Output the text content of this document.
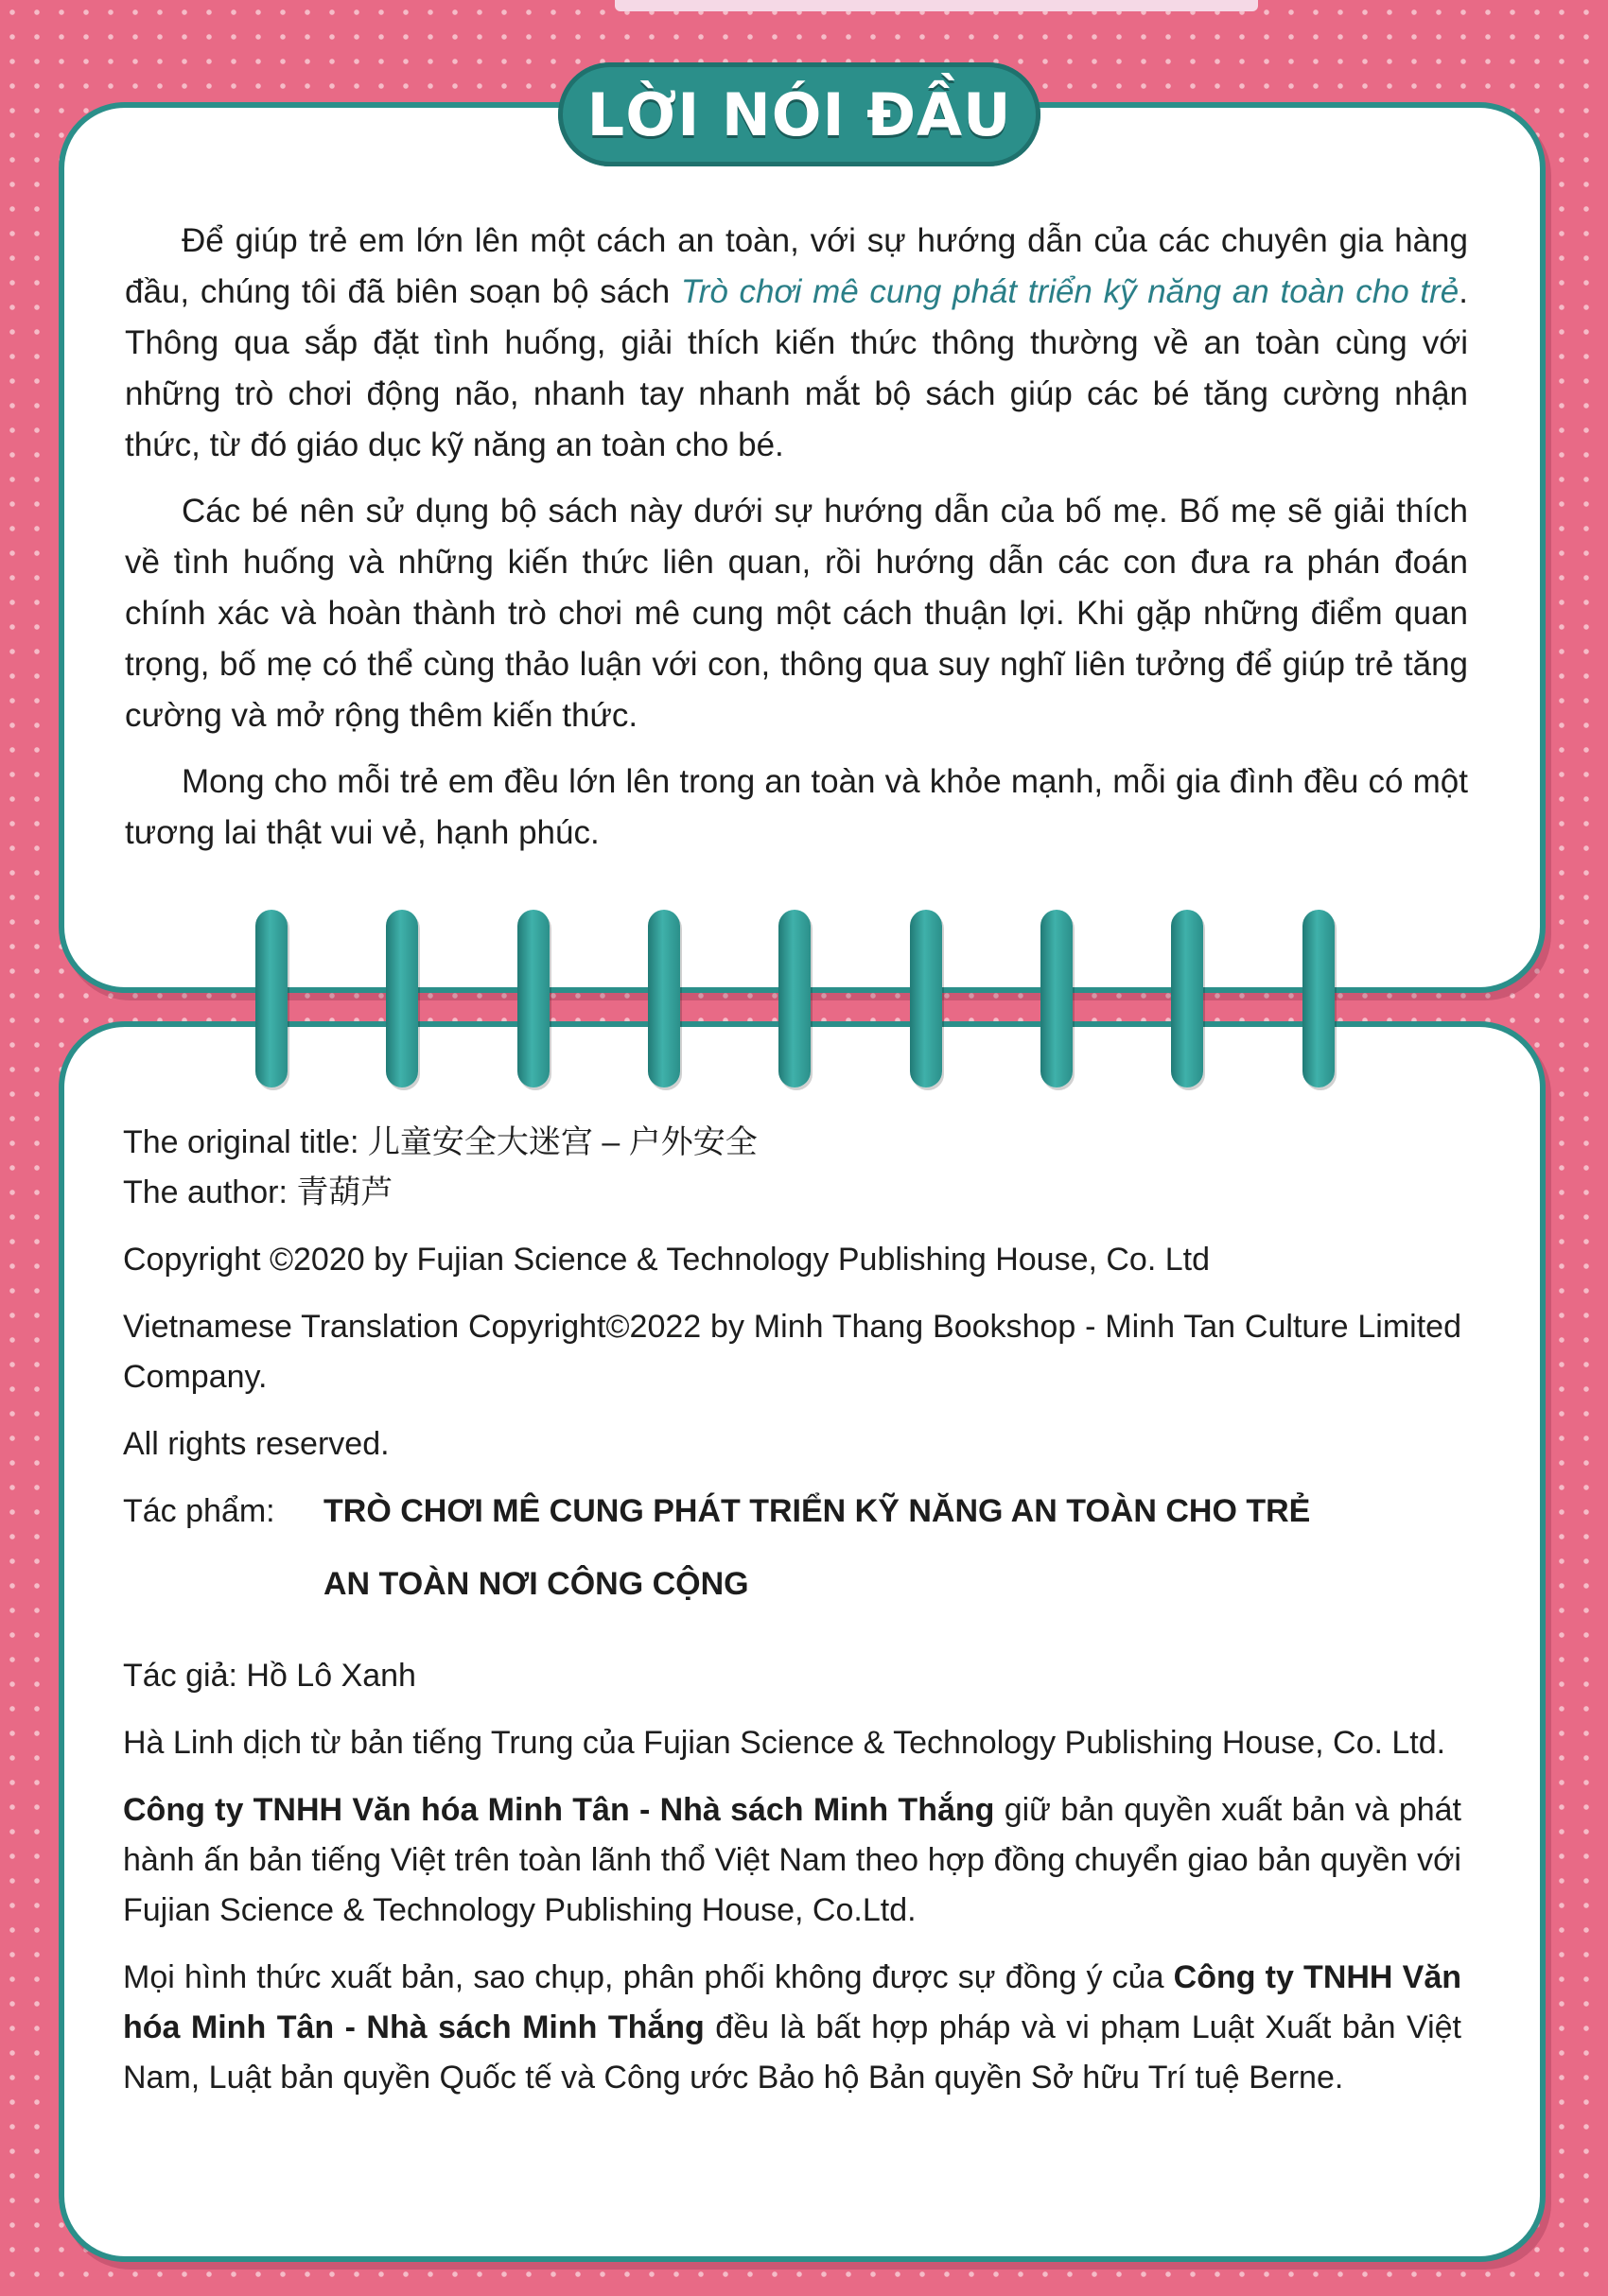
LỜI NÓI ĐẦU

Để giúp trẻ em lớn lên một cách an toàn, với sự hướng dẫn của các chuyên gia hàng đầu, chúng tôi đã biên soạn bộ sách Trò chơi mê cung phát triển kỹ năng an toàn cho trẻ. Thông qua sắp đặt tình huống, giải thích kiến thức thông thường về an toàn cùng với những trò chơi động não, nhanh tay nhanh mắt bộ sách giúp các bé tăng cường nhận thức, từ đó giáo dục kỹ năng an toàn cho bé.

Các bé nên sử dụng bộ sách này dưới sự hướng dẫn của bố mẹ. Bố mẹ sẽ giải thích về tình huống và những kiến thức liên quan, rồi hướng dẫn các con đưa ra phán đoán chính xác và hoàn thành trò chơi mê cung một cách thuận lợi. Khi gặp những điểm quan trọng, bố mẹ có thể cùng thảo luận với con, thông qua suy nghĩ liên tưởng để giúp trẻ tăng cường và mở rộng thêm kiến thức.

Mong cho mỗi trẻ em đều lớn lên trong an toàn và khỏe mạnh, mỗi gia đình đều có một tương lai thật vui vẻ, hạnh phúc.

The original title: 儿童安全大迷宫 – 户外安全

The author: 青葫芦

Copyright ©2020 by Fujian Science & Technology Publishing House, Co. Ltd

Vietnamese Translation Copyright©2022 by Minh Thang Bookshop - Minh Tan Culture Limited Company.

All rights reserved.

Tác phẩm:	TRÒ CHƠI MÊ CUNG PHÁT TRIỂN KỸ NĂNG AN TOÀN CHO TRẺ
AN TOÀN NƠI CÔNG CỘNG

Tác giả: Hồ Lô Xanh

Hà Linh dịch từ bản tiếng Trung của Fujian Science & Technology Publishing House, Co. Ltd.

Công ty TNHH Văn hóa Minh Tân - Nhà sách Minh Thắng giữ bản quyền xuất bản và phát hành ấn bản tiếng Việt trên toàn lãnh thổ Việt Nam theo hợp đồng chuyển giao bản quyền với Fujian Science & Technology Publishing House, Co.Ltd.

Mọi hình thức xuất bản, sao chụp, phân phối không được sự đồng ý của Công ty TNHH Văn hóa Minh Tân - Nhà sách Minh Thắng đều là bất hợp pháp và vi phạm Luật Xuất bản Việt Nam, Luật bản quyền Quốc tế và Công ước Bảo hộ Bản quyền Sở hữu Trí tuệ Berne.
